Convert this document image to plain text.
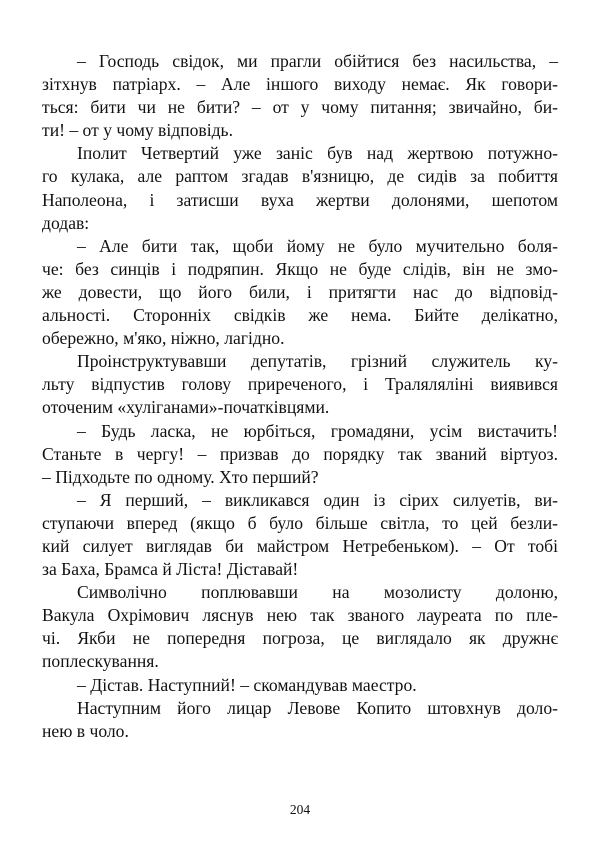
– Господь свідок, ми прагли обійтися без насильства, –
зітхнув патріарх. – Але іншого виходу немає. Як говори-
ться: бити чи не бити? – от у чому питання; звичайно, би-
ти! – от у чому відповідь.
Іполит Четвертий уже заніс був над жертвою потужно-
го кулака, але раптом згадав в'язницю, де сидів за побиття
Наполеона, і затисши вуха жертви долонями, шепотом
додав:
– Але бити так, щоби йому не було мучительно боля-
че: без синців і подряпин. Якщо не буде слідів, він не змо-
же довести, що його били, і притягти нас до відповід-
альності. Сторонніх свідків же нема. Бийте делікатно,
обережно, м'яко, ніжно, лагідно.
Проінструктувавши депутатів, грізний служитель ку-
льту відпустив голову приреченого, і Траляляліні виявився
оточеним «хуліганами»-початківцями.
– Будь ласка, не юрбіться, громадяни, усім вистачить!
Станьте в чергу! – призвав до порядку так званий віртуоз.
– Підходьте по одному. Хто перший?
– Я перший, – викликався один із сірих силуетів, ви-
ступаючи вперед (якщо б було більше світла, то цей безли-
кий силует виглядав би майстром Нетребеньком). – От тобі
за Баха, Брамса й Ліста! Діставай!
Символічно поплювавши на мозолисту долоню,
Вакула Охрімович ляснув нею так званого лауреата по пле-
чі. Якби не попередня погроза, це виглядало як дружнє
поплескування.
– Дістав. Наступний! – скомандував маестро.
Наступним його лицар Левове Копито штовхнув доло-
нею в чоло.
204
